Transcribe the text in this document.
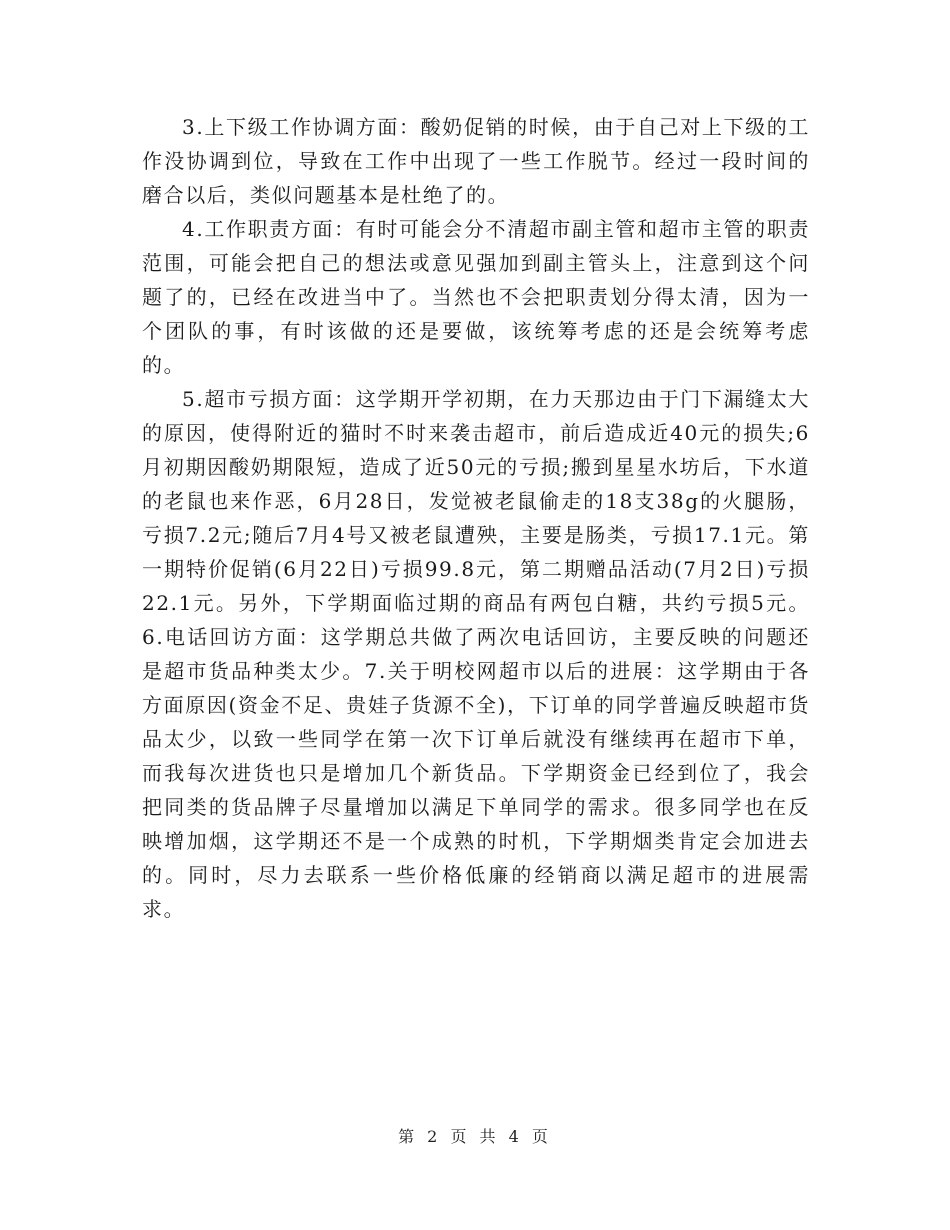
3.上下级工作协调方面：酸奶促销的时候，由于自己对上下级的工作没协调到位，导致在工作中出现了一些工作脱节。经过一段时间的磨合以后，类似问题基本是杜绝了的。

4.工作职责方面：有时可能会分不清超市副主管和超市主管的职责范围，可能会把自己的想法或意见强加到副主管头上，注意到这个问题了的，已经在改进当中了。当然也不会把职责划分得太清，因为一个团队的事，有时该做的还是要做，该统筹考虑的还是会统筹考虑的。

5.超市亏损方面：这学期开学初期，在力天那边由于门下漏缝太大的原因，使得附近的猫时不时来袭击超市，前后造成近40元的损失;6月初期因酸奶期限短，造成了近50元的亏损;搬到星星水坊后，下水道的老鼠也来作恶，6月28日，发觉被老鼠偷走的18支38g的火腿肠，亏损7.2元;随后7月4号又被老鼠遭殃，主要是肠类，亏损17.1元。第一期特价促销(6月22日)亏损99.8元，第二期赠品活动(7月2日)亏损22.1元。另外，下学期面临过期的商品有两包白糖，共约亏损5元。6.电话回访方面：这学期总共做了两次电话回访，主要反映的问题还是超市货品种类太少。7.关于明校网超市以后的进展：这学期由于各方面原因(资金不足、贵娃子货源不全)，下订单的同学普遍反映超市货品太少，以致一些同学在第一次下订单后就没有继续再在超市下单，而我每次进货也只是增加几个新货品。下学期资金已经到位了，我会把同类的货品牌子尽量增加以满足下单同学的需求。很多同学也在反映增加烟，这学期还不是一个成熟的时机，下学期烟类肯定会加进去的。同时，尽力去联系一些价格低廉的经销商以满足超市的进展需求。

第 2 页 共 4 页
